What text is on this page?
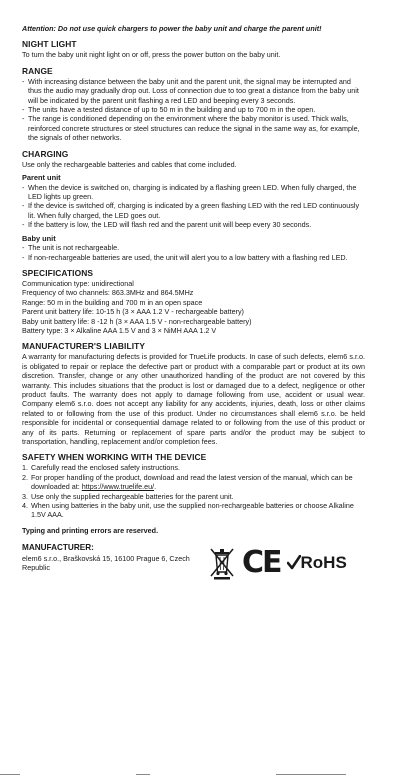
Attention: Do not use quick chargers to power the baby unit and charge the parent unit!

NIGHT LIGHT

To turn the baby unit night light on or off, press the power button on the baby unit.

RANGE
- With increasing distance between the baby unit and the parent unit, the signal may be interrupted and thus the audio may gradually drop out. Loss of connection due to too great a distance from the baby unit will be indicated by the parent unit flashing a red LED and beeping every 3 seconds.
- The units have a tested distance of up to 50 m in the building and up to 700 m in the open.
- The range is conditioned depending on the environment where the baby monitor is used. Thick walls, reinforced concrete structures or steel structures can reduce the signal in the same way as, for example, the signals of other networks.
CHARGING

Use only the rechargeable batteries and cables that come included.

Parent unit
- When the device is switched on, charging is indicated by a flashing green LED. When fully charged, the LED lights up green.
- If the device is switched off, charging is indicated by a green flashing LED with the red LED continuously lit. When fully charged, the LED goes out.
- If the battery is low, the LED will flash red and the parent unit will beep every 30 seconds.
Baby unit
- The unit is not rechargeable.
- If non-rechargeable batteries are used, the unit will alert you to a low battery with a flashing red LED.
SPECIFICATIONS

Communication type: unidirectional

Frequency of two channels: 863.3MHz and 864.5MHz

Range: 50 m in the building and 700 m in an open space

Parent unit battery life: 10-15 h (3 × AAA 1.2 V - rechargeable battery)

Baby unit battery life: 8 -12 h (3 × AAA 1.5 V - non-rechargeable battery)

Battery type: 3 × Alkaline AAA 1.5 V and 3 × NiMH AAA 1.2 V

MANUFACTURER'S LIABILITY

A warranty for manufacturing defects is provided for TrueLife products. In case of such defects, elem6 s.r.o. is obligated to repair or replace the defective part or product with a comparable part or product at its own discretion. Transfer, change or any other unauthorized handling of the product are not covered by this warranty. This includes situations that the product is lost or damaged due to a defect, negligence or other product faults. The warranty does not apply to damage following from use, accident or usual wear. Company elem6 s.r.o. does not accept any liability for any accidents, injuries, death, loss or other claims related to or following from the use of this product. Under no circumstances shall elem6 s.r.o. be held responsible for incidental or consequential damage related to or following from the use of this product or any of its parts. Returning or replacement of spare parts and/or the product may be subject to transportation, handling, replacement and/or completion fees.

SAFETY WHEN WORKING WITH THE DEVICE
1. Carefully read the enclosed safety instructions.
2. For proper handling of the product, download and read the latest version of the manual, which can be downloaded at: https://www.truelife.eu/.
3. Use only the supplied rechargeable batteries for the parent unit.
4. When using batteries in the baby unit, use the supplied non-rechargeable batteries or choose Alkaline 1.5V AAA.

Typing and printing errors are reserved.

MANUFACTURER:
elem6 s.r.o., Braškovská 15, 16100 Prague 6, Czech Republic	CE RoHS
